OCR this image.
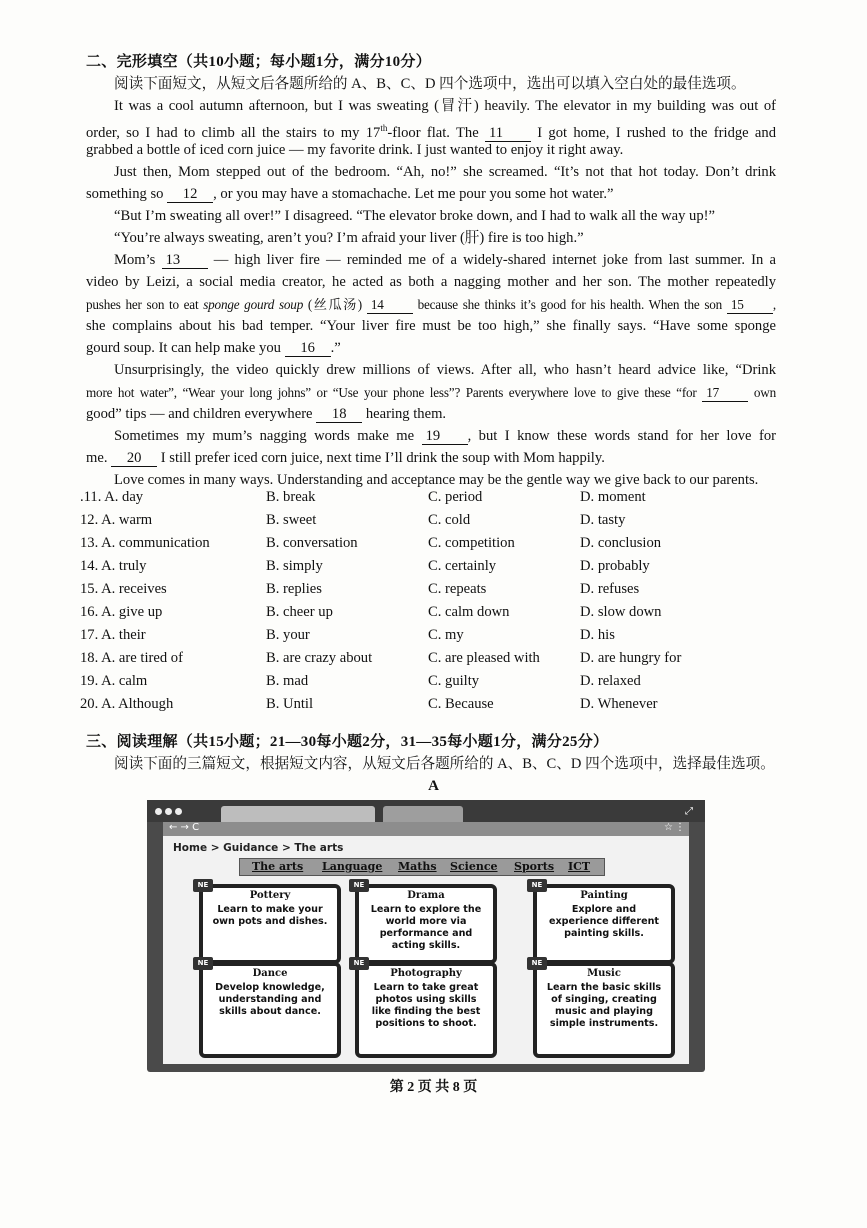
二、完形填空（共10小题；每小题1分，满分10分）
阅读下面短文，从短文后各题所给的 A、B、C、D 四个选项中，选出可以填入空白处的最佳选项。
It was a cool autumn afternoon, but I was sweating (冒汗) heavily. The elevator in my building was out of
order, so I had to climb all the stairs to my 17th-floor flat. The 11 I got home, I rushed to the fridge and
grabbed a bottle of iced corn juice — my favorite drink. I just wanted to enjoy it right away.
Just then, Mom stepped out of the bedroom. “Ah, no!” she screamed. “It’s not that hot today. Don’t drink
something so 12 , or you may have a stomachache. Let me pour you some hot water.”
“But I’m sweating all over!” I disagreed. “The elevator broke down, and I had to walk all the way up!”
“You’re always sweating, aren’t you? I’m afraid your liver (肝) fire is too high.”
Mom’s 13 — high liver fire — reminded me of a widely-shared internet joke from last summer. In a
video by Leizi, a social media creator, he acted as both a nagging mother and her son. The mother repeatedly
pushes her son to eat sponge gourd soup (丝瓜汤) 14	because she thinks it’s good for his health. When the son 15 ,
she complains about his bad temper. “Your liver fire must be too high,” she finally says. “Have some sponge
gourd soup. It can help make you 16 .”
Unsurprisingly, the video quickly drew millions of views. After all, who hasn’t heard advice like, “Drink
more hot water”, “Wear your long johns” or “Use your phone less”? Parents everywhere love to give these “for 17	own
good” tips — and children everywhere 18 hearing them.
Sometimes my mum’s nagging words make me 19 , but I know these words stand for her love for
me. 20 I still prefer iced corn juice, next time I’ll drink the soup with Mom happily.
Love comes in many ways. Understanding and acceptance may be the gentle way we give back to our parents.
.11. A. day	B. break	C. period	D. moment
12. A. warm	B. sweet	C. cold	D. tasty
13. A. communication	B. conversation	C. competition	D. conclusion
14. A. truly	B. simply	C. certainly	D. probably
15. A. receives	B. replies	C. repeats	D. refuses
16. A. give up	B. cheer up	C. calm down	D. slow down
17. A. their	B. your	C. my	D. his
18. A. are tired of	B. are crazy about	C. are pleased with	D. are hungry for
19. A. calm	B. mad	C. guilty	D. relaxed
20. A. Although	B. Until	C. Because	D. Whenever
三、阅读理解（共15小题；21—30每小题2分，31—35每小题1分，满分25分）
阅读下面的三篇短文，根据短文内容，从短文后各题所给的 A、B、C、D 四个选项中，选择最佳选项。
A
⤢
← → C	☆ ⋮
Home > Guidance > The arts
The arts Language Maths Science Sports ICT
NE
Pottery
Learn to make your own pots and dishes.
NE
Drama
Learn to explore the world more via performance and acting skills.
NE
Painting
Explore and experience different painting skills.
NE
Dance
Develop knowledge, understanding and skills about dance.
NE
Photography
Learn to take great photos using skills like finding the best positions to shoot.
NE
Music
Learn the basic skills of singing, creating music and playing simple instruments.
第 2 页 共 8 页
